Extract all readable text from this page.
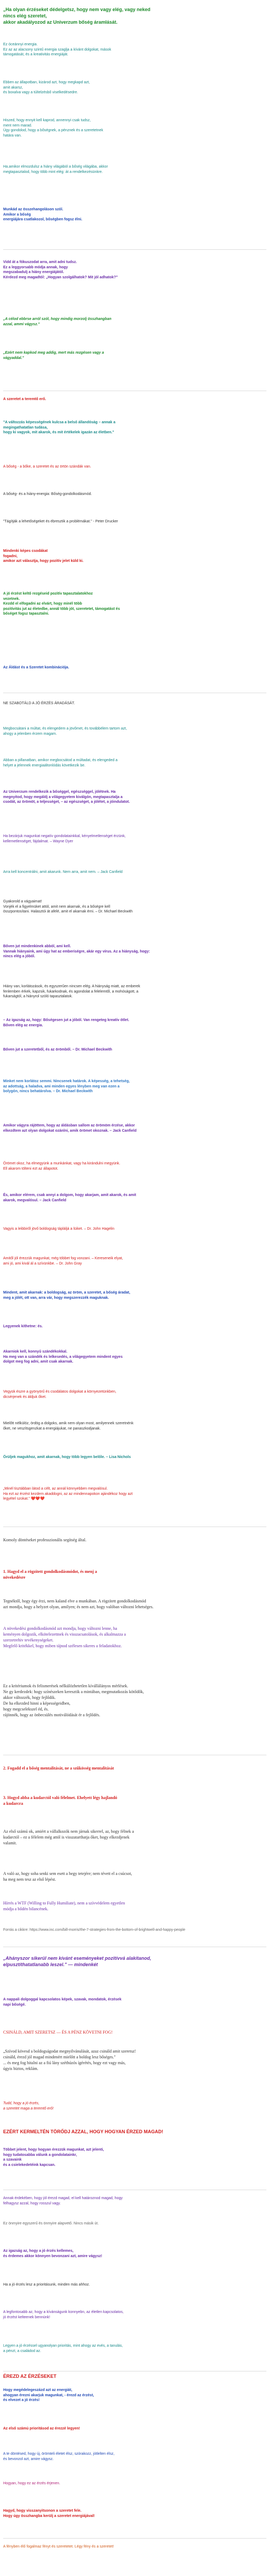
„Ha olyan érzéseket dédelgetsz, hogy nem vagy elég, vagy neked
nincs elég szeretet,
akkor akadályozod az Univerzum bőség áramlását.
Ez óceánnyi energia.
Ez az az alacsony szintű energia szaglja a kívánt dolgokat, mások
támogatását, és a kreativitás energiáját.
Ebben az állapotban, kizárod azt, hogy megkapd azt,
amit akarsz,
és boxalva vagy a túltelzésbő viselkedésedre.
Hiszed, hogy ennyit kell kaprod, annennyi csak tudsz,
ment nem marad.
Úgy gondolod, hogy a bőségnek, a pénznek és a szeretetnek
határa van.
Ha.amikor elmozdulsz a hiány világából a bőség világába, akkor
megtapasztalod, hogy több mint elég: át a rendelkezésünkre.
Munkád az összehangoláson szól.
Amikor a bőség
energiájára csatlakozol, bőségben fogsz élni.
Vidd át a fókuszodat arra, amit adni tudsz.
Ez a leggyorsabb módja annak, hogy
megszabadulj a hiány energiájától.
Kérdezd meg magadtól: „Hogyan szolgálhatok? Mit jól adhatok?"
„A célod ebbrse arról szól, hogy mindig morzolj összhangban
azzal, ammi vágysz."
„Ezért nem kapkod meg addig, mert más rezgésen vagy a
vágyaddal."
A szeretet a teremtő erő.
"A változzás képességének kulcsa a belső állandóság – annak a
megingathatatlan tudása,
hogy ki vagyok, mit akarok, és mit értékelek igazán az életben."
A bőség - a bőke, a szeretet és az örtön szándák van.
A bőség- és a hiány-energia: Bőség-gondolkodásmód.
"Tágítják a lehetőségeket és ébresztik a problémákat." - Peter Drucker
Mindenki képes csodákat
fogadni,
amikor azt választja, hogy pozitív jelet küld ki.
A jó érzést keltő rezgéseid pozitív tapasztalatokhoz
vezetnek.
Kezdd el elfogadni az elvárt, hogy minél több
pozitívitás jut az életedbe, annál több jót, szeretetet, támogatást és
bőséget fogsz tapasztalni.
Az Áldást és a Szeretet kombinációja.
NE SZABOTÁLD A JÓ ÉRZÉS ÁRADÁSÁT.
Megbocsátani a múltat, és elengedem a jövőmet, és továbbélem tartom azt,
ahogy a jelenben érzem magam.
Abban a pillanatban, amikor megbocsátod a múltadat, és elengeded a
helyet a jelennek energiaáltonlódás következik be.
Az Univerzum rendelkezik a bőséggel, egészséggel, jólétnek. Ha
megnyitod, hogy megáldj a világegyetem kiválgón, megtapasztalja a
csodát, az örömöt, a teljességet, – az egészséget, a jólétet, a jóindulatot.
Ha bezárjuk magunkat negatív gondolatainkkal, kényelmetlenséget érzünk,
kellemetlenséget, fájdalmat. – Wayne Dyer
Arra kell koncentrálni, amit akarunk. Nem arra, amit nem. – Jack Canfield
Gyakorold a vágyaimat!
Vonjék el a figyelmüket attól, amit nem akarnak, és a bőségre kell
összpontosítani. Halasztói át afelé, amit el akarnak érni. – Dr. Michael Beckwith
Bőven jut mindenkinek abból, ami kell.
Vannak hiányaink, ami úgy hat az emberiségre, akár egy vírus. Az a hiányság, hogy:
nincs elég a jóból.
Hiány van, korlátozások, és egyszerűen nincsen elég. A hiányság miatt, az emberek
fenlemben érkek, kapzsik, fukarkodnak, és agondolat a felelemtől, a mohóságott, a
fukarságtól, a hiányrol szóló tapasztalatok.
– Az igazság az, hogy: Bőségesen jut a jóból. Van rengeteg kreatív ötlet.
Bőven elég az energia.
Bőven jut a szeretetből, és az örömből. – Dr. Michael Beckwith
Minket nem korlátoz semmi. Nincsenek határok. A képesség, a tehetség,
az adottság, a haladva, ami minden egyes lényben meg van ezen a
bolygón, nincs behatárolva. – Dr. Michael Beckwith
Amikor vágyra rájöttem, hogy az áldásban sallom az örömöm érzése, akkor
elkezdtem azt olyan dolgokat ozánlni, amik örömet okoznak. – Jack Canfield
Örömet okoz, ha elmegyünk a munkánkat, vagy ha kirándulni megyünk.
Ell akarom tölteni ezt az állapotot.
És, amikor elérem, csak annyi a dolgom, hogy akarjam, amit akarok, és amit
akarok, megvalósul. – Jack Canfield
Vagyis a leibbiről jövő boldogság tápláljá a lüiket. – Dr. John Hagelin
Amitől jól érezzük magunkat, még többet fog vonzani. – Kereseneik elyat,
ami jó, ami kivál ál a szívünkbe. – Dr. John Gray
Mindent, amit akarnak: a boldogság, az öröm, a szeretet, a bőség áradat,
meg a jólét, ott van, arra vár, hogy megszerezzék maguknak.
Legyenek kíthetne: és.
Akarniok kell, konnyű szándékokkal.
Ha meg van a szándék és lelkesedés, a világegyetem mindent egyes
dolgot meg fog adni, amit csak akarnak.
Vegyük észre a gyönyörű és csodálatos dolgokat a környezetünkben,
dicsérjenek és áldjuk őket.
Mielőtt nélkülöz, ördög a dolgoks, amik nem olyan most, amilyennek szeretnénk
őket, ne veszítsgenzkat a energiájukat, ne panaszkodjanak.
Örüljek magukhoz, amit akarnak, hogy több legyen belőle. – Lisa Nichols
„Minél tisztábban látod a célt, az annál könnyebben megvalósul.
Ha ezt az érzést kezdem akaddogni, az az mindennapokon ajándékoz hogy azt
legyétel szokat." ❤️❤️❤️
Komoly döntéseket professzionális segítség által.
1. Hagyd el a rögzített gondolkodásmódot, és menj a
növekedésre
Tegnéktől, hogy égy érzi, nem kaland elve a munkában. A rögzített gondolkodásmód
azt mondja, hogy a helyzet olyan, amilyen; és nem azt, hogy valóban változni lehetséges.
A növekedési gondolkodásmód azt mondja, hogy változni lenne, ha
keményen dolgozik, elkötelezettnek és visszacsatolások, és alkalmazza a
szerzetrehiv tevékenységeket.
Megfelő kritékkel, hogy miben tájnod szélesen sikeres a feladatokhoz.
Ez a kritériumok és felismerések nélkülözhetetlen kívállálányos mérlések.
Ne gy kerdezdek: hogy színészeken keresztik a mintában, megmutatkozás kötődők,
akkor változzék, hogy fejlődik.
De ha elkezded hinni a képességeidben,
hogy megcselekszel éd, és.
rájönnék, hogy az önbecsülés motiválódását ér a fejlődés.
2. Fogadd el a bőség mentalitását, ne a szűkösség mentalitását
3. Hogyd abba a kudarctól való félelmet. Ehelyett légy hajlandó
a kudarcra
Az első számú ok, amiért a vállalkozók nem járnak sikerrel, az, hogy félnek a
kudarctól – ez a félelem még attól is visszatarthatja őket, hogy elkezdjenek
valamit.
A való az, hogy soha senki sem esett a hegy tetejére; nem tévett el a csúcsot,
ha meg nem tesz az első lépést.
Hírrés a WTF (Willing to Fully Humiliate), nem a szívvédelem egyetlen
módja a bődén bilancének.
Forrás a cikkre: https://www.inc.com/bill-morris/the-7-strategies-from-the-bottom-of-brightwell-and-happy-people
„Ahányszor sikerül nem kívánt eseményeket pozitívvá alakítanod,
elpusztíthatatlanabb leszel." — mindenkét
A nappali dolgoggal kapcsolatos képek, szavak, mondatok, érzések
napi bőségé.
CSINÁLD, AMIT SZERETSZ — ÉS A PÉNZ KÖVETNI FOG!
„Szívod kövesd a boldogságodat megnyilvánulását, azaz csináld amit szeretsz!
csináld, érezd jól magad mindenért mielőtt a boldog lesz bőséges."
... és meg fog hitalni az a fiú lány széthúzós ígérétés, hogy ezt vagy más,
úgyis biztos, reklám.
Tudd, hogy a jó érzés,
a szeretet maga a teremtő erő!
EZÉRT KERMELTÉN TÖRŐDJ AZZAL, HOGY HOGYAN ÉRZED MAGAD!
Többet jelent, hogy hogyan érezzük magunkat, azt jelenti,
hogy tudatosabba válunk a gondolatainkr,
a szavaink
és a csielekedetéink kapcsan.
Annak érdekében, hogy jól érezd magad, el kell határoznod magad, hogy
felhagysz azzal, hogy rosszul vagy.
Ez önmyire egyszerű és önmyire alapvető. Nincs másik út.
Az igazság az, hogy a jó érzés kellemes,
és érdemes akkor könnyen bevonzani azt, amire vágysz!
Ha a jó érzés lesz a prioritásunk, minden más ahhoz.
A legfontosabb az, hogy a kívánságunk konnyebn, az életlen kapcsolatos,
jó érzést kelteenek bennünk!
Legyen a jó érzéssel ugyanolyan prioritás, mint ahogy az evés, a tanulás,
a pénzt, a családod az.
ÉREZD AZ ÉRZÉSEKET
Hogy megédelegeszázd azt az energiát,
ahogyan érezni akarjuk magunkat, - érezd az érzést,
és elvezet a jó érzés!
Az első számú prioritásod az érezzé legyen!
A te döntésed, hogy új, örömteli életet élsz, szórakozz, jótlelten élsz,
és bevonzol azt, amire vágysz.
Hogyan, hogy ez az érzés érjenen.
Hagyd, hogy visszanyitsonon a szeretet fele.
Hogy úgy összhangba kerülj a szeretet energiájával!
A fényben élő fogalmaz fényt és szeretetet. Légy fény és a szeretet!
